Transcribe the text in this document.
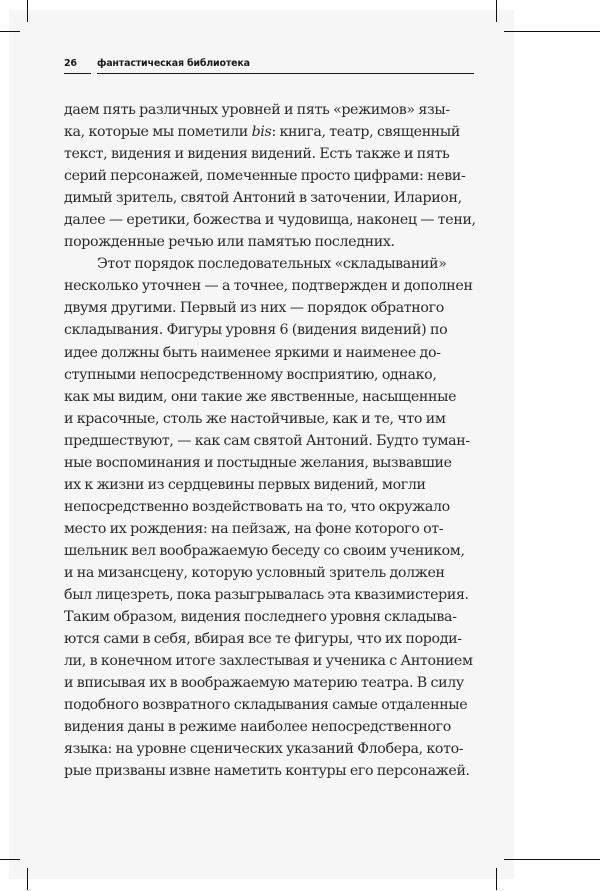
26	фантастическая библиотека
даем пять различных уровней и пять «режимов» язы-
ка, которые мы пометили bis: книга, театр, священный
текст, видения и видения видений. Есть также и пять
серий персонажей, помеченные просто цифрами: неви-
димый зритель, святой Антоний в заточении, Иларион,
далее — еретики, божества и чудовища, наконец — тени,
порожденные речью или памятью последних.
Этот порядок последовательных «складываний»
несколько уточнен — а точнее, подтвержден и дополнен
двумя другими. Первый из них — порядок обратного
складывания. Фигуры уровня 6 (видения видений) по
идее должны быть наименее яркими и наименее до-
ступными непосредственному восприятию, однако,
как мы видим, они такие же явственные, насыщенные
и красочные, столь же настойчивые, как и те, что им
предшествуют, — как сам святой Антоний. Будто туман-
ные воспоминания и постыдные желания, вызвавшие
их к жизни из сердцевины первых видений, могли
непосредственно воздействовать на то, что окружало
место их рождения: на пейзаж, на фоне которого от-
шельник вел воображаемую беседу со своим учеником,
и на мизансцену, которую условный зритель должен
был лицезреть, пока разыгрывалась эта квазимистерия.
Таким образом, видения последнего уровня складыва-
ются сами в себя, вбирая все те фигуры, что их породи-
ли, в конечном итоге захлестывая и ученика с Антонием
и вписывая их в воображаемую материю театра. В силу
подобного возвратного складывания самые отдаленные
видения даны в режиме наиболее непосредственного
языка: на уровне сценических указаний Флобера, кото-
рые призваны извне наметить контуры его персонажей.
